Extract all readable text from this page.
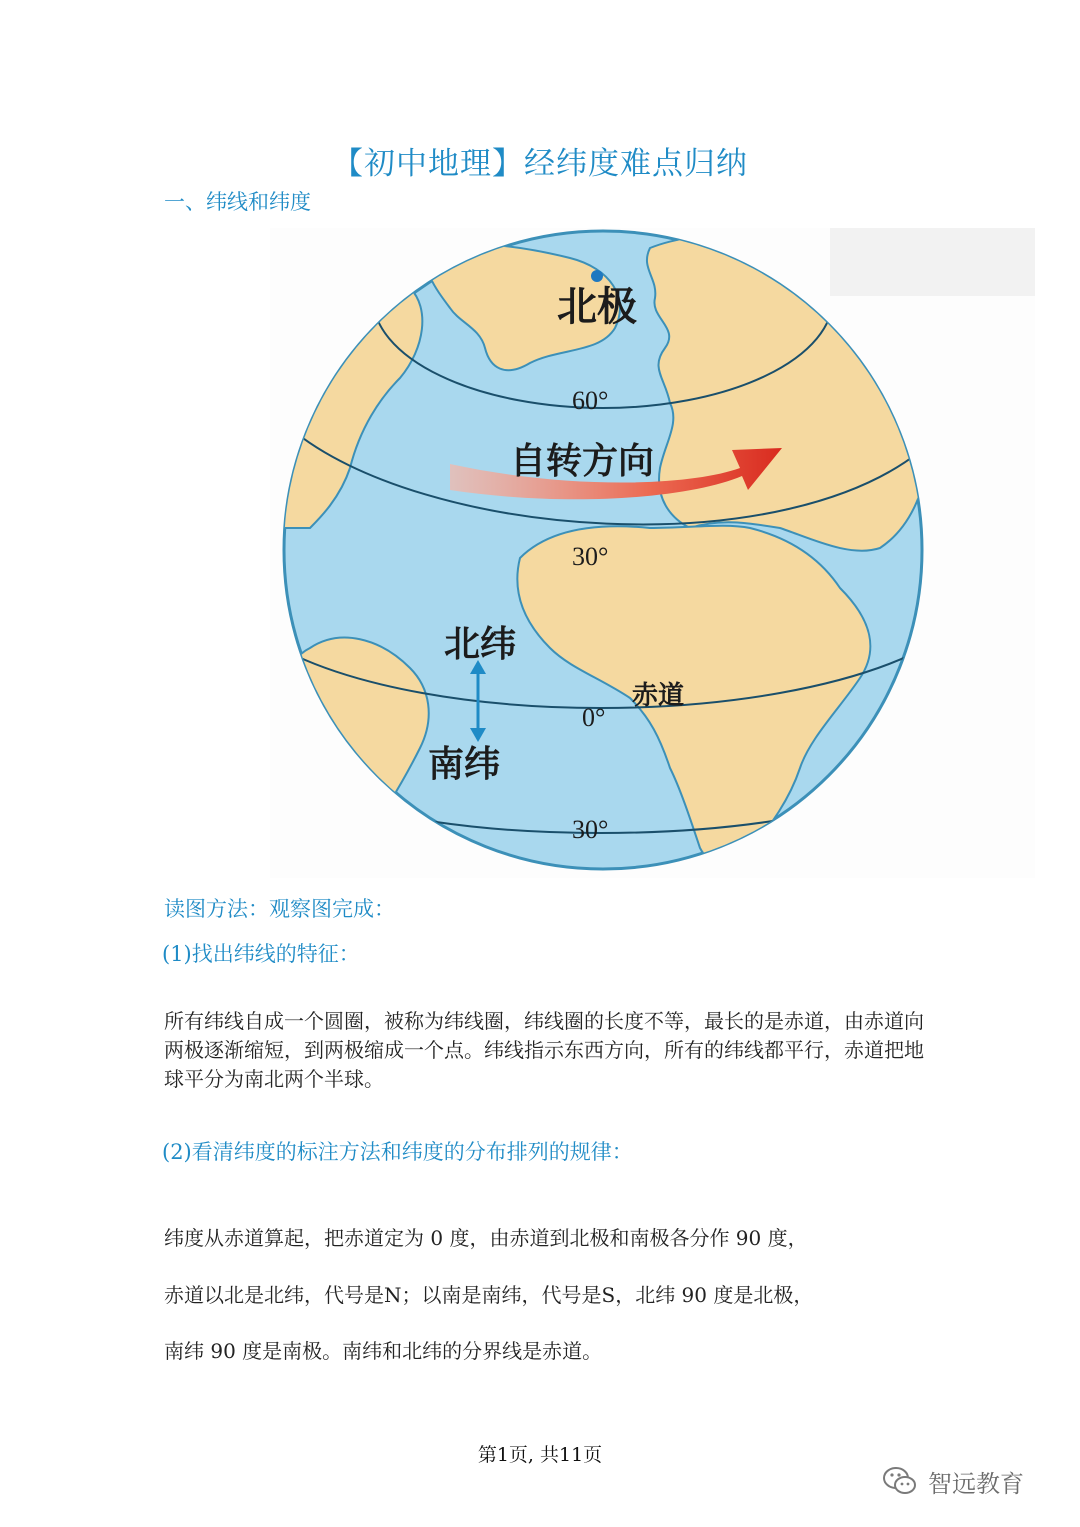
【初中地理】经纬度难点归纳
一、纬线和纬度
北极
60°
自转方向
30°
北纬
赤道
0°
南纬
30°
读图方法：观察图完成：
(1)找出纬线的特征：
所有纬线自成一个圆圈，被称为纬线圈，纬线圈的长度不等，最长的是赤道，由赤道向两极逐渐缩短，到两极缩成一个点。纬线指示东西方向，所有的纬线都平行，赤道把地球平分为南北两个半球。
(2)看清纬度的标注方法和纬度的分布排列的规律：
纬度从赤道算起，把赤道定为 0 度，由赤道到北极和南极各分作 90 度，
赤道以北是北纬，代号是N；以南是南纬，代号是S，北纬 90 度是北极，
南纬 90 度是南极。南纬和北纬的分界线是赤道。
第1页, 共11页
智远教育
